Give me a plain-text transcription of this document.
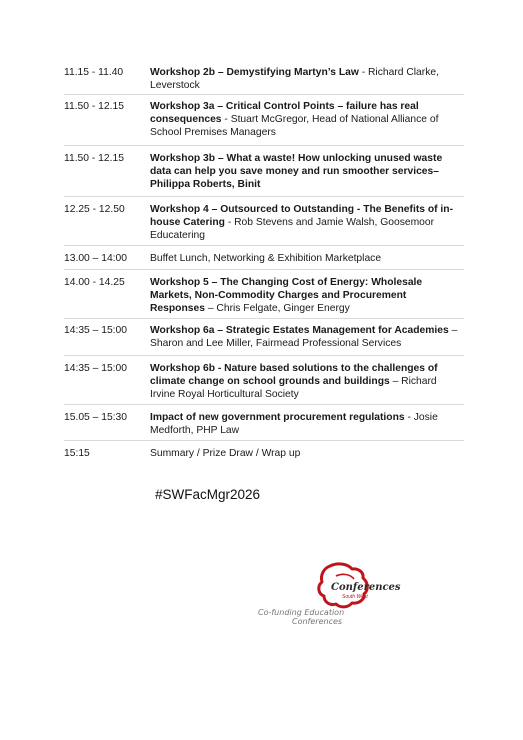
11.15 - 11.40	Workshop 2b – Demystifying Martyn’s Law - Richard Clarke, Leverstock
11.50 - 12.15	Workshop 3a – Critical Control Points – failure has real consequences - Stuart McGregor, Head of National Alliance of School Premises Managers
11.50 - 12.15	Workshop 3b – What a waste! How unlocking unused waste data can help you save money and run smoother services– Philippa Roberts, Binit
12.25 - 12.50	Workshop 4 – Outsourced to Outstanding - The Benefits of in-house Catering - Rob Stevens and Jamie Walsh, Goosemoor Educatering
13.00 – 14:00	Buffet Lunch, Networking & Exhibition Marketplace
14.00 - 14.25	Workshop 5 – The Changing Cost of Energy: Wholesale Markets, Non-Commodity Charges and Procurement Responses – Chris Felgate, Ginger Energy
14:35 – 15:00	Workshop 6a – Strategic Estates Management for Academies – Sharon and Lee Miller, Fairmead Professional Services
14:35 – 15:00	Workshop 6b - Nature based solutions to the challenges of climate change on school grounds and buildings – Richard Irvine Royal Horticultural Society
15.05 – 15:30	Impact of new government procurement regulations - Josie Medforth, PHP Law
15:15	Summary / Prize Draw / Wrap up
#SWFacMgr2026
Conferences
South West
Co-funding Education
Conferences
